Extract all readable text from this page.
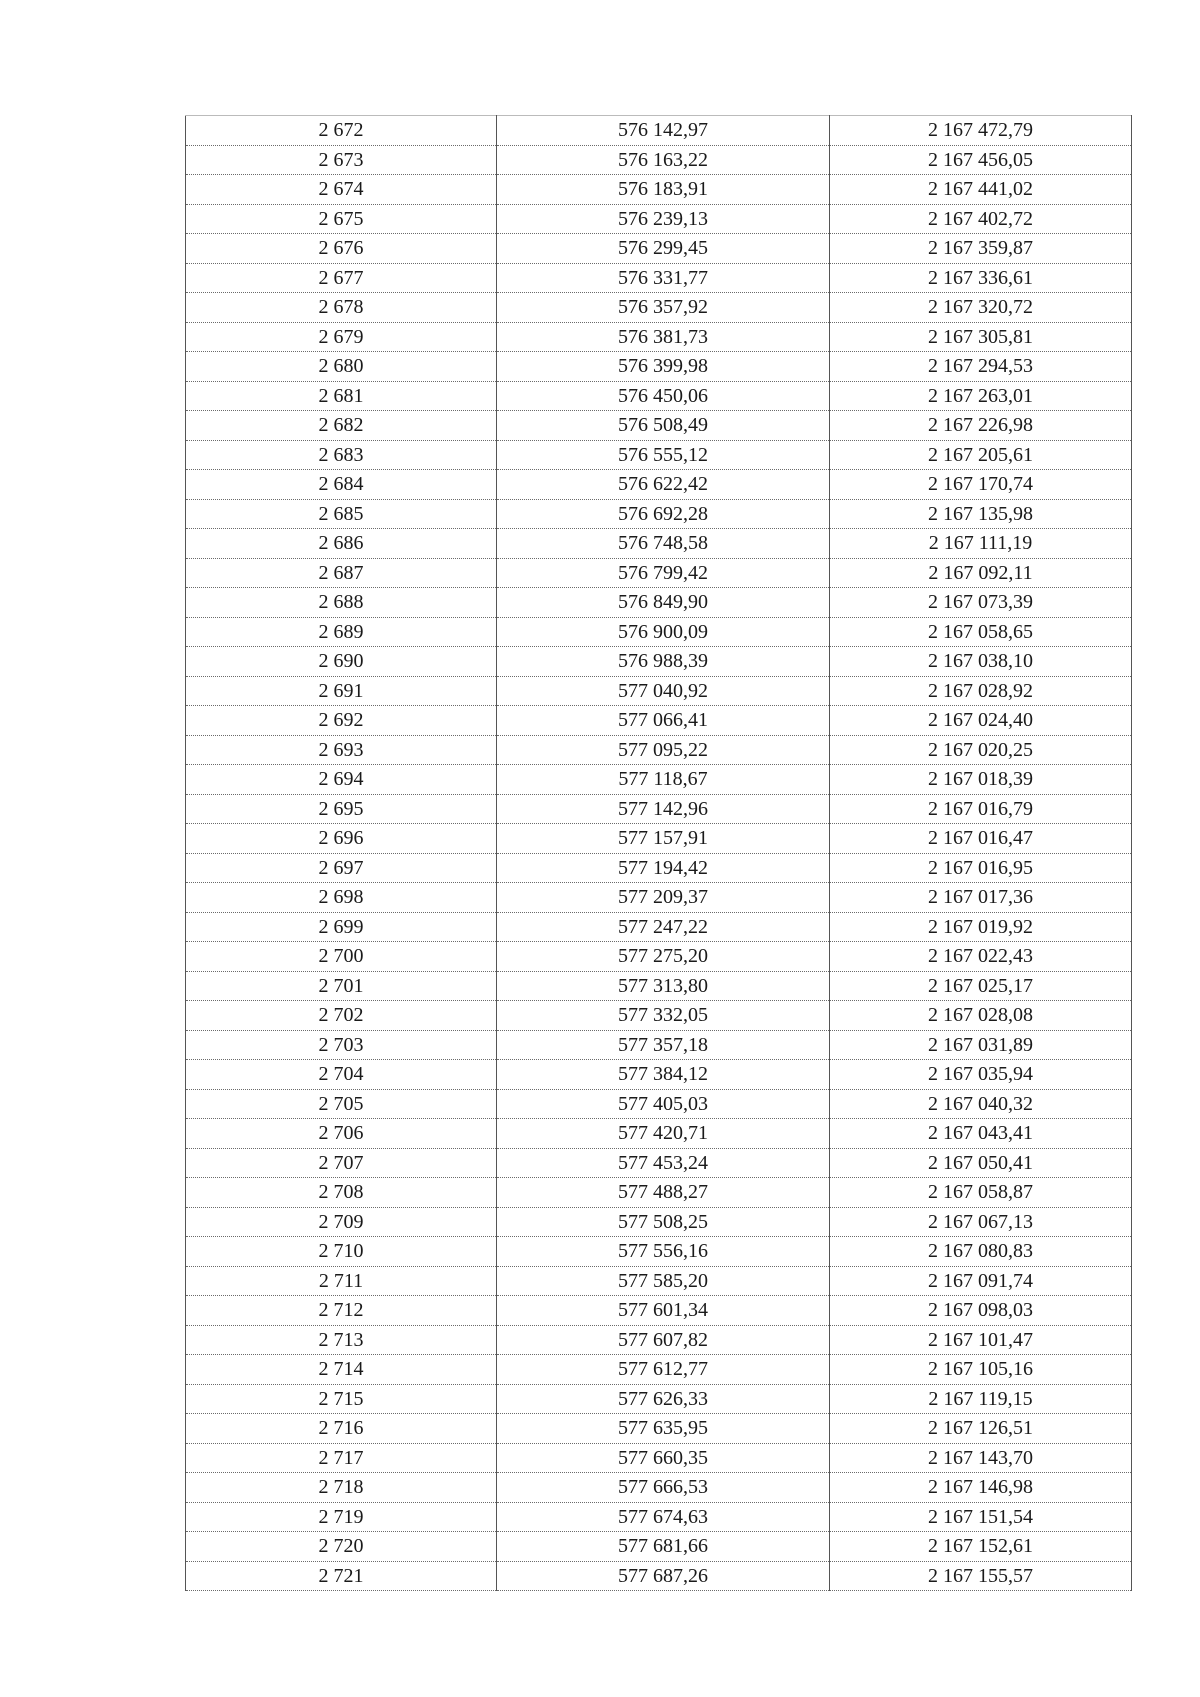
2 672	576 142,97	2 167 472,79
2 673	576 163,22	2 167 456,05
2 674	576 183,91	2 167 441,02
2 675	576 239,13	2 167 402,72
2 676	576 299,45	2 167 359,87
2 677	576 331,77	2 167 336,61
2 678	576 357,92	2 167 320,72
2 679	576 381,73	2 167 305,81
2 680	576 399,98	2 167 294,53
2 681	576 450,06	2 167 263,01
2 682	576 508,49	2 167 226,98
2 683	576 555,12	2 167 205,61
2 684	576 622,42	2 167 170,74
2 685	576 692,28	2 167 135,98
2 686	576 748,58	2 167 111,19
2 687	576 799,42	2 167 092,11
2 688	576 849,90	2 167 073,39
2 689	576 900,09	2 167 058,65
2 690	576 988,39	2 167 038,10
2 691	577 040,92	2 167 028,92
2 692	577 066,41	2 167 024,40
2 693	577 095,22	2 167 020,25
2 694	577 118,67	2 167 018,39
2 695	577 142,96	2 167 016,79
2 696	577 157,91	2 167 016,47
2 697	577 194,42	2 167 016,95
2 698	577 209,37	2 167 017,36
2 699	577 247,22	2 167 019,92
2 700	577 275,20	2 167 022,43
2 701	577 313,80	2 167 025,17
2 702	577 332,05	2 167 028,08
2 703	577 357,18	2 167 031,89
2 704	577 384,12	2 167 035,94
2 705	577 405,03	2 167 040,32
2 706	577 420,71	2 167 043,41
2 707	577 453,24	2 167 050,41
2 708	577 488,27	2 167 058,87
2 709	577 508,25	2 167 067,13
2 710	577 556,16	2 167 080,83
2 711	577 585,20	2 167 091,74
2 712	577 601,34	2 167 098,03
2 713	577 607,82	2 167 101,47
2 714	577 612,77	2 167 105,16
2 715	577 626,33	2 167 119,15
2 716	577 635,95	2 167 126,51
2 717	577 660,35	2 167 143,70
2 718	577 666,53	2 167 146,98
2 719	577 674,63	2 167 151,54
2 720	577 681,66	2 167 152,61
2 721	577 687,26	2 167 155,57
